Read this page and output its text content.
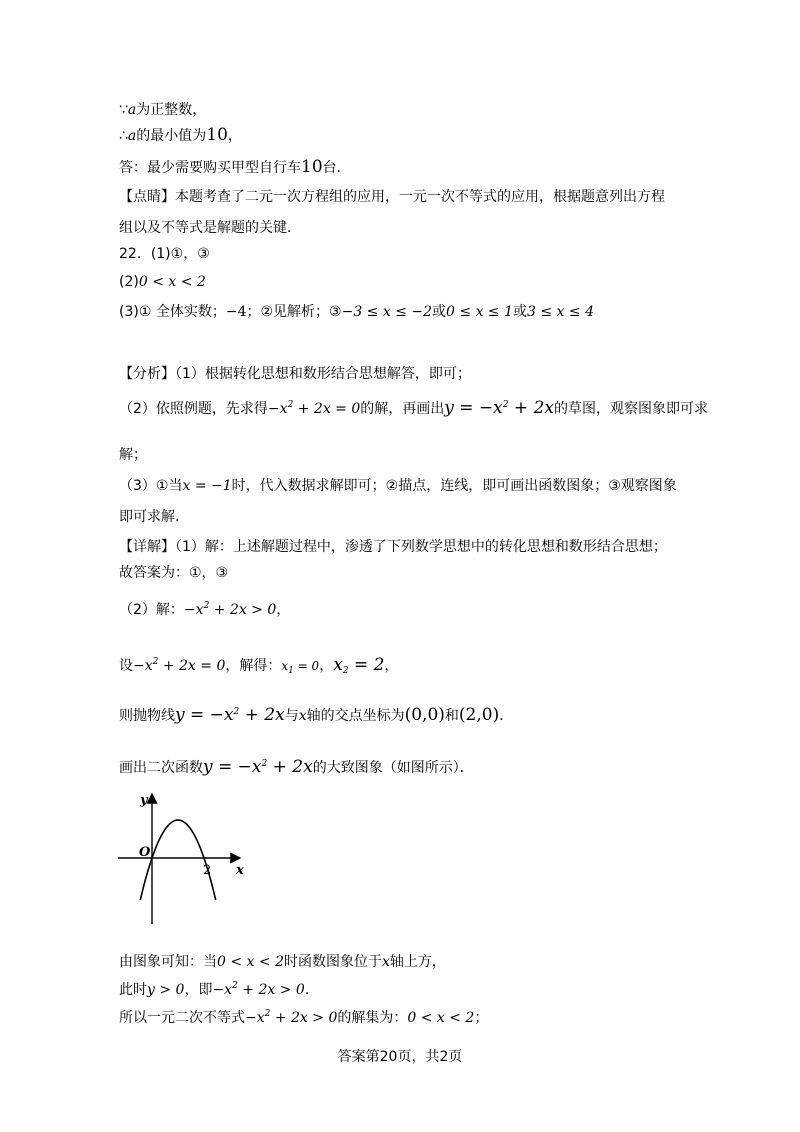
∵a为正整数，
∴a的最小值为10，
答：最少需要购买甲型自行车10台．
【点睛】本题考查了二元一次方程组的应用，一元一次不等式的应用，根据题意列出方程
组以及不等式是解题的关键．
22．(1)①，③
(2)0 < x < 2
(3)① 全体实数；−4；②见解析；③−3 ≤ x ≤ −2或0 ≤ x ≤ 1或3 ≤ x ≤ 4
【分析】（1）根据转化思想和数形结合思想解答，即可；
（2）依照例题，先求得$-x^2 + 2x = 0$的解，再画出$y = -x^2 + 2x$的草图，观察图象即可求
解；
（3）①当x = −1时，代入数据求解即可；②描点，连线，即可画出函数图象；③观察图象
即可求解．
【详解】（1）解：上述解题过程中，渗透了下列数学思想中的转化思想和数形结合思想；
故答案为：①，③
（2）解：$-x^2 + 2x > 0$，
设$-x^2 + 2x = 0$，解得：$x_1 = 0$，$x_2 = 2$，
则抛物线$y = -x^2 + 2x$与x轴的交点坐标为(0,0)和(2,0)．
画出二次函数$y = -x^2 + 2x$的大致图象（如图所示）．
y
x
O
2
由图象可知：当0 < x < 2时函数图象位于x轴上方，
此时y > 0，即$-x^2 + 2x > 0$．
所以一元二次不等式$-x^2 + 2x > 0$的解集为：0 < x < 2；
答案第20页，共2页
